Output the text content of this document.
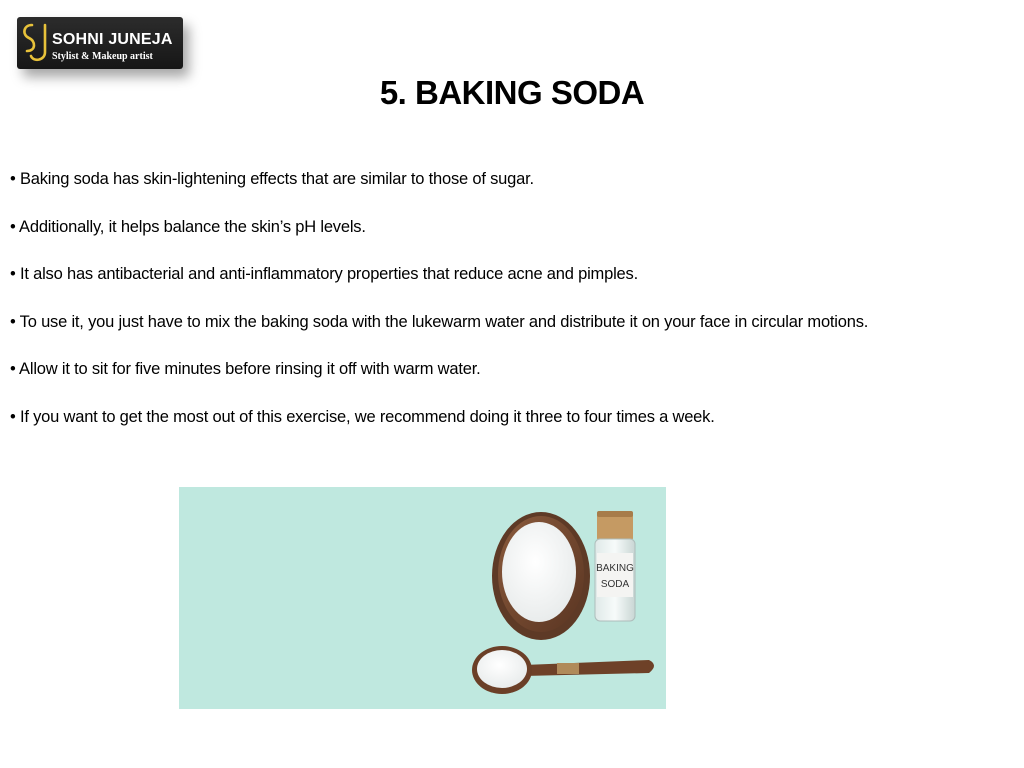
SOHNI JUNEJA
Stylist & Makeup artist
5. BAKING SODA
• Baking soda has skin-lightening effects that are similar to those of sugar.
• Additionally, it helps balance the skin’s pH levels.
• It also has antibacterial and anti-inflammatory properties that reduce acne and pimples.
• To use it, you just have to mix the baking soda with the lukewarm water and distribute it on your face in circular motions.
• Allow it to sit for five minutes before rinsing it off with warm water.
• If you want to get the most out of this exercise, we recommend doing it three to four times a week.
BAKING
SODA
